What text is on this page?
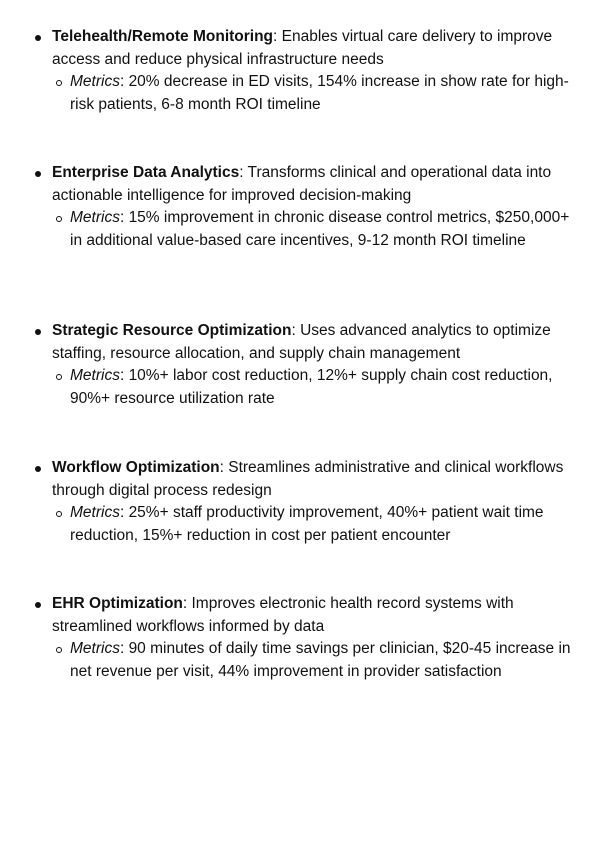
Telehealth/Remote Monitoring: Enables virtual care delivery to improve access and reduce physical infrastructure needs
Metrics: 20% decrease in ED visits, 154% increase in show rate for high-risk patients, 6-8 month ROI timeline
Enterprise Data Analytics: Transforms clinical and operational data into actionable intelligence for improved decision-making
Metrics: 15% improvement in chronic disease control metrics, $250,000+ in additional value-based care incentives, 9-12 month ROI timeline
Strategic Resource Optimization: Uses advanced analytics to optimize staffing, resource allocation, and supply chain management
Metrics: 10%+ labor cost reduction, 12%+ supply chain cost reduction, 90%+ resource utilization rate
Workflow Optimization: Streamlines administrative and clinical workflows through digital process redesign
Metrics: 25%+ staff productivity improvement, 40%+ patient wait time reduction, 15%+ reduction in cost per patient encounter
EHR Optimization: Improves electronic health record systems with streamlined workflows informed by data
Metrics: 90 minutes of daily time savings per clinician, $20-45 increase in net revenue per visit, 44% improvement in provider satisfaction
